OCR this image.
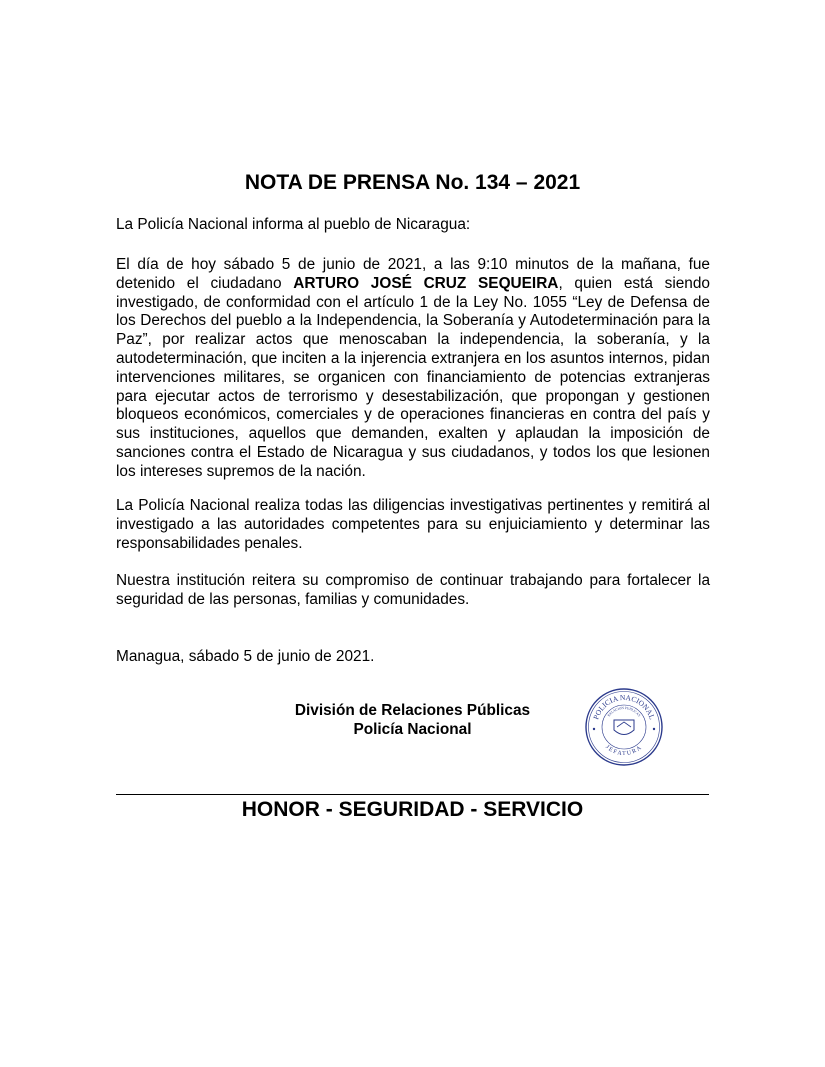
NOTA DE PRENSA No. 134 – 2021
La Policía Nacional informa al pueblo de Nicaragua:
El día de hoy sábado 5 de junio de 2021, a las 9:10 minutos de la mañana, fue detenido el ciudadano ARTURO JOSÉ CRUZ SEQUEIRA, quien está siendo investigado, de conformidad con el artículo 1 de la Ley No. 1055 “Ley de Defensa de los Derechos del pueblo a la Independencia, la Soberanía y Autodeterminación para la Paz”, por realizar actos que menoscaban la independencia, la soberanía, y la autodeterminación, que inciten a la injerencia extranjera en los asuntos internos, pidan intervenciones militares, se organicen con financiamiento de potencias extranjeras para ejecutar actos de terrorismo y desestabilización, que propongan y gestionen bloqueos económicos, comerciales y de operaciones financieras en contra del país y sus instituciones, aquellos que demanden, exalten y aplaudan la imposición de sanciones contra el Estado de Nicaragua y sus ciudadanos, y todos los que lesionen los intereses supremos de la nación.
La Policía Nacional realiza todas las diligencias investigativas pertinentes y remitirá al investigado a las autoridades competentes para su enjuiciamiento y determinar las responsabilidades penales.
Nuestra institución reitera su compromiso de continuar trabajando para fortalecer la seguridad de las personas, familias y comunidades.
Managua, sábado 5 de junio de 2021.
División de Relaciones Públicas
Policía Nacional
POLICIA NACIONAL
RELACION PUBLICAS
JEFATURA
HONOR - SEGURIDAD - SERVICIO
